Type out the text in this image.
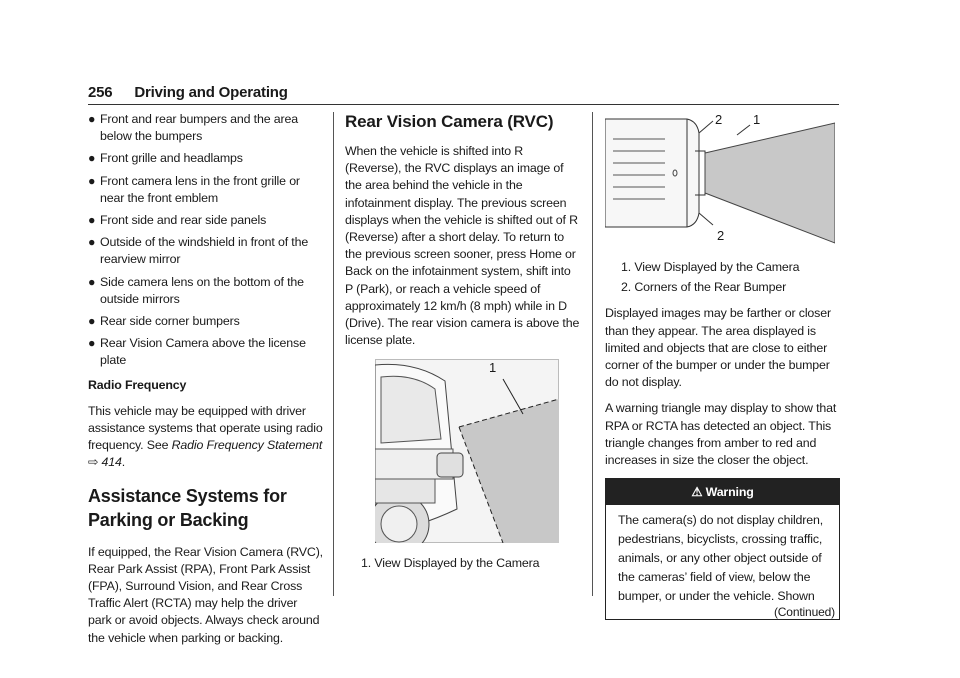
256 Driving and Operating
● Front and rear bumpers and the area below the bumpers
● Front grille and headlamps
● Front camera lens in the front grille or near the front emblem
● Front side and rear side panels
● Outside of the windshield in front of the rearview mirror
● Side camera lens on the bottom of the outside mirrors
● Rear side corner bumpers
● Rear Vision Camera above the license plate

Radio Frequency

This vehicle may be equipped with driver assistance systems that operate using radio frequency. See Radio Frequency Statement
⇨ 414.

Assistance Systems for Parking or Backing

If equipped, the Rear Vision Camera (RVC), Rear Park Assist (RPA), Front Park Assist (FPA), Surround Vision, and Rear Cross Traffic Alert (RCTA) may help the driver park or avoid objects. Always check around the vehicle when parking or backing.

Rear Vision Camera (RVC)

When the vehicle is shifted into R (Reverse), the RVC displays an image of the area behind the vehicle in the infotainment display. The previous screen displays when the vehicle is shifted out of R (Reverse) after a short delay. To return to the previous screen sooner, press Home or Back on the infotainment system, shift into P (Park), or reach a vehicle speed of approximately 12 km/h (8 mph) while in D (Drive). The rear vision camera is above the license plate.

1
1. View Displayed by the Camera
2 1
2
1. View Displayed by the Camera
2. Corners of the Rear Bumper

Displayed images may be farther or closer than they appear. The area displayed is limited and objects that are close to either corner of the bumper or under the bumper do not display.

A warning triangle may display to show that RPA or RCTA has detected an object. This triangle changes from amber to red and increases in size the closer the object.

⚠ Warning
The camera(s) do not display children, pedestrians, bicyclists, crossing traffic, animals, or any other object outside of the cameras’ field of view, below the bumper, or under the vehicle. Shown
(Continued)
